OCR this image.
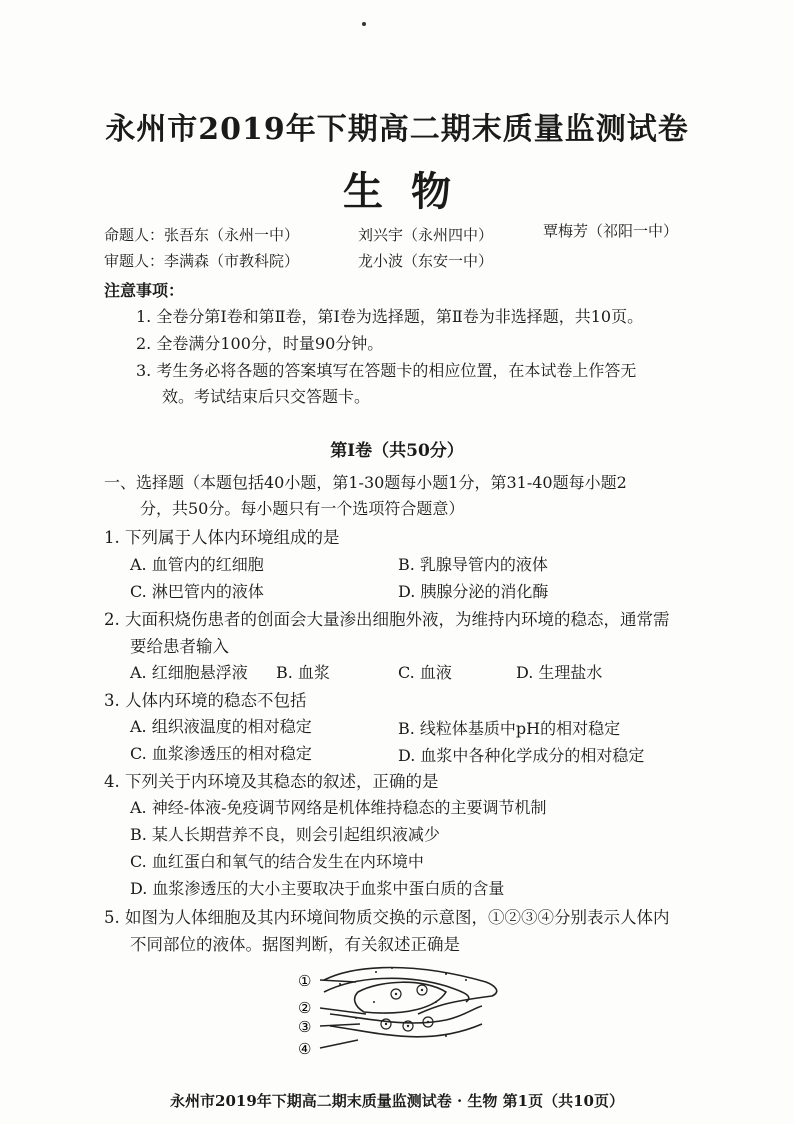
永州市2019年下期高二期末质量监测试卷
生物
命题人： 张吾东（永州一中）	刘兴宇（永州四中）	覃梅芳（祁阳一中）
审题人： 李满森（市教科院）	龙小波（东安一中）
注意事项：
1. 全卷分第Ⅰ卷和第Ⅱ卷，第Ⅰ卷为选择题，第Ⅱ卷为非选择题，共10页。
2. 全卷满分100分，时量90分钟。
3. 考生务必将各题的答案填写在答题卡的相应位置，在本试卷上作答无
效。考试结束后只交答题卡。
第Ⅰ卷（共50分）
一、选择题（本题包括40小题，第1-30题每小题1分，第31-40题每小题2
分，共50分。每小题只有一个选项符合题意）
1. 下列属于人体内环境组成的是
A. 血管内的红细胞	B. 乳腺导管内的液体
C. 淋巴管内的液体	D. 胰腺分泌的消化酶
2. 大面积烧伤患者的创面会大量渗出细胞外液，为维持内环境的稳态，通常需
要给患者输入
A. 红细胞悬浮液 B. 血浆	C. 血液	D. 生理盐水
3. 人体内环境的稳态不包括
A. 组织液温度的相对稳定	B. 线粒体基质中pH的相对稳定
C. 血浆渗透压的相对稳定	D. 血浆中各种化学成分的相对稳定
4. 下列关于内环境及其稳态的叙述，正确的是
A. 神经-体液-免疫调节网络是机体维持稳态的主要调节机制
B. 某人长期营养不良，则会引起组织液减少
C. 血红蛋白和氧气的结合发生在内环境中
D. 血浆渗透压的大小主要取决于血浆中蛋白质的含量
5. 如图为人体细胞及其内环境间物质交换的示意图，①②③④分别表示人体内
不同部位的液体。据图判断，有关叙述正确是
①
②
③
④
永州市2019年下期高二期末质量监测试卷 · 生物 第1页（共10页）
